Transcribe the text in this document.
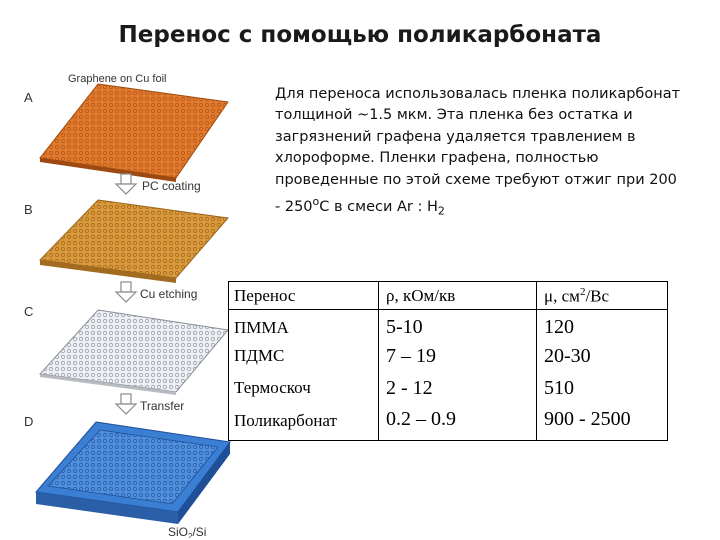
Перенос с помощью поликарбоната
Для переноса использовалась пленка поликарбонат толщиной ~1.5 мкм. Эта пленка без остатка и загрязнений графена удаляется травлением в хлороформе. Пленки графена, полностью проведенные по этой схеме требуют отжиг при $200 - 250^оС$ в смеси Ar : $H_2$
Graphene on Cu foil
A
PC coating
B
Cu etching
C
Transfer
D
SiO$_2$/Si
Перенос	ρ, кОм/кв	μ, $см^2/Вс$
ПММА	5-10	120
ПДМС	7 – 19	20-30
Термоскоч	2 - 12	510
Поликарбонат 0.2 – 0.9	900 - 2500
